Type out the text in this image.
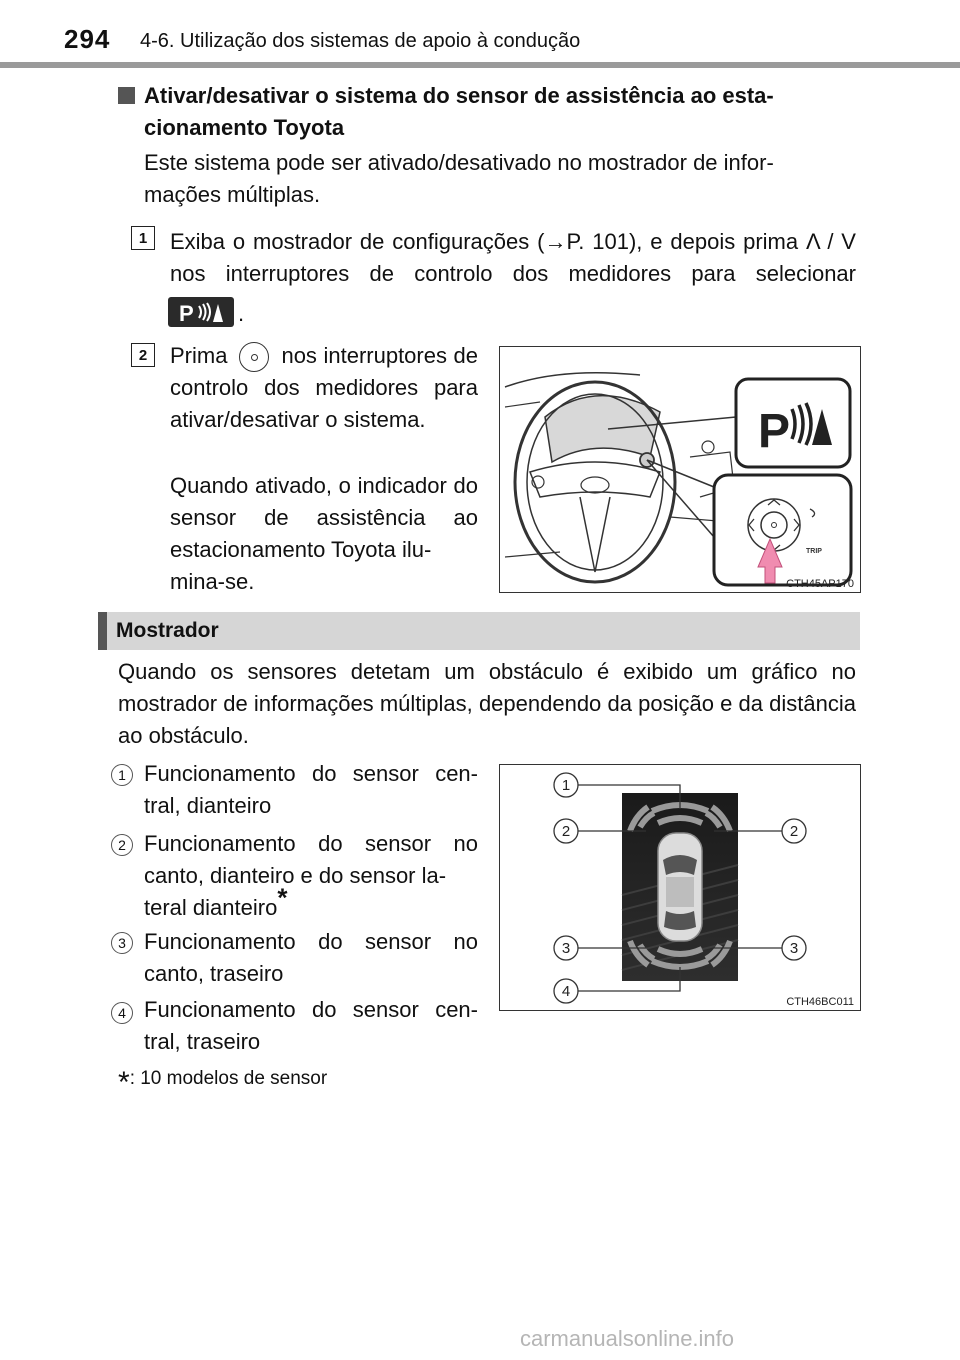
294 4-6. Utilização dos sistemas de apoio à condução
Ativar/desativar o sistema do sensor de assistência ao esta-
cionamento Toyota
Este sistema pode ser ativado/desativado no mostrador de infor-
mações múltiplas.
1	Exiba o mostrador de configurações (→P. 101), e depois prima Λ / V nos interruptores de controlo dos medidores para selecionar
P .
2	Prima nos interruptores de controlo dos medidores para ativar/desativar o sistema.
Quando ativado, o indicador do sensor de assistência ao estacionamento Toyota ilu-
mina-se.
P
TRIP
CTH45AP170
Mostrador
Quando os sensores detetam um obstáculo é exibido um gráfico no mostrador de informações múltiplas, dependendo da posição e da distância ao obstáculo.
1 Funcionamento do sensor cen-
tral, dianteiro
2 Funcionamento do sensor no
canto, dianteiro e do sensor la-
teral dianteiro*
3 Funcionamento do sensor no
canto, traseiro
4 Funcionamento do sensor cen-
tral, traseiro
1
2	2
3	3
4
CTH46BC011
*: 10 modelos de sensor
carmanualsonline.info
